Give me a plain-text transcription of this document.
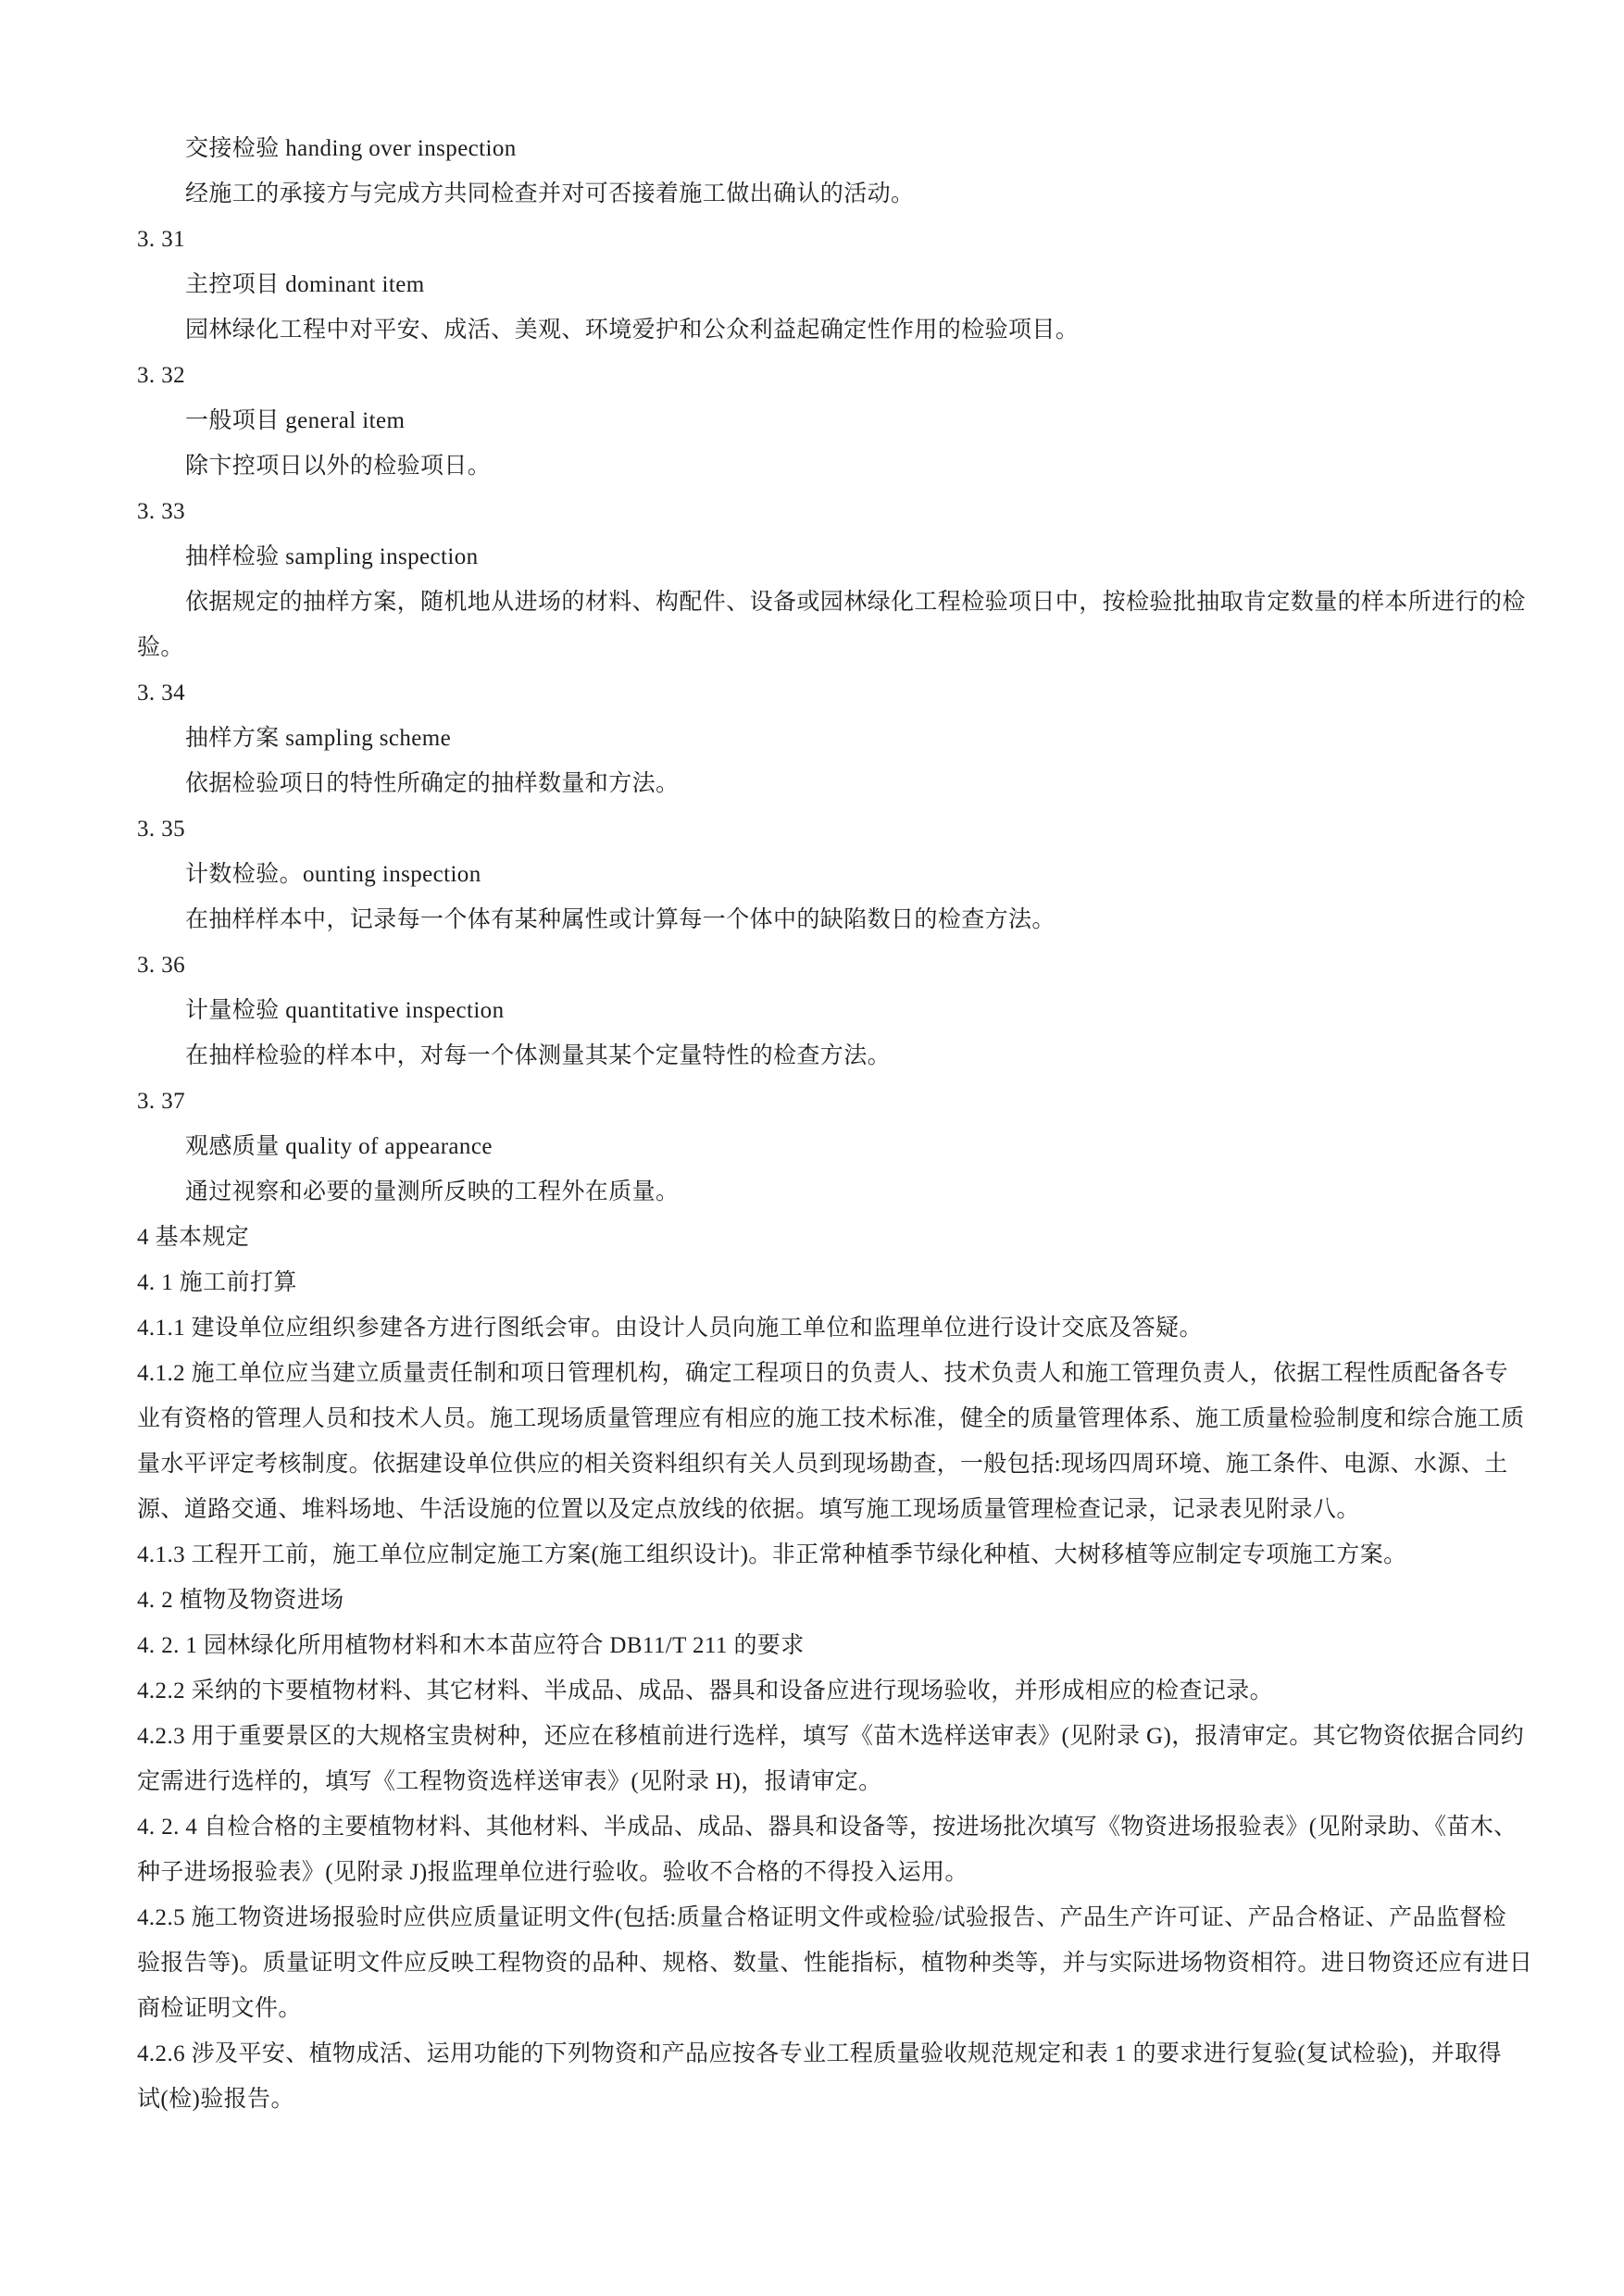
交接检验 handing over inspection
经施工的承接方与完成方共同检查并对可否接着施工做出确认的活动。
3. 31
主控项目 dominant item
园林绿化工程中对平安、成活、美观、环境爱护和公众利益起确定性作用的检验项目。
3. 32
一般项目 general item
除卞控项日以外的检验项日。
3. 33
抽样检验 sampling inspection
依据规定的抽样方案，随机地从进场的材料、构配件、设备或园林绿化工程检验项日中，按检验批抽取肯定数量的样本所进行的检
验。
3. 34
抽样方案 sampling scheme
依据检验项日的特性所确定的抽样数量和方法。
3. 35
计数检验。ounting inspection
在抽样样本中，记录每一个体有某种属性或计算每一个体中的缺陷数日的检查方法。
3. 36
计量检验 quantitative inspection
在抽样检验的样本中，对每一个体测量其某个定量特性的检查方法。
3. 37
观感质量 quality of appearance
通过视察和必要的量测所反映的工程外在质量。
4 基本规定
4. 1 施工前打算
4.1.1 建设单位应组织参建各方进行图纸会审。由设计人员向施工单位和监理单位进行设计交底及答疑。
4.1.2 施工单位应当建立质量责任制和项日管理机构，确定工程项日的负责人、技术负责人和施工管理负责人，依据工程性质配备各专
业有资格的管理人员和技术人员。施工现场质量管理应有相应的施工技术标准，健全的质量管理体系、施工质量检验制度和综合施工质
量水平评定考核制度。依据建设单位供应的相关资料组织有关人员到现场勘查，一般包括:现场四周环境、施工条件、电源、水源、土
源、道路交通、堆料场地、牛活设施的位置以及定点放线的依据。填写施工现场质量管理检查记录，记录表见附录八。
4.1.3 工程开工前，施工单位应制定施工方案(施工组织设计)。非正常种植季节绿化种植、大树移植等应制定专项施工方案。
4. 2 植物及物资进场
4. 2. 1 园林绿化所用植物材料和木本苗应符合 DB11/T 211 的要求
4.2.2 采纳的卞要植物材料、其它材料、半成品、成品、器具和设备应进行现场验收，并形成相应的检查记录。
4.2.3 用于重要景区的大规格宝贵树种，还应在移植前进行选样，填写《苗木选样送审表》(见附录 G)，报清审定。其它物资依据合同约
定需进行选样的，填写《工程物资选样送审表》(见附录 H)，报请审定。
4. 2. 4 自检合格的主要植物材料、其他材料、半成品、成品、器具和设备等，按进场批次填写《物资进场报验表》(见附录助、《苗木、
种子进场报验表》(见附录 J)报监理单位进行验收。验收不合格的不得投入运用。
4.2.5 施工物资进场报验时应供应质量证明文件(包括:质量合格证明文件或检验/试验报告、产品生产许可证、产品合格证、产品监督检
验报告等)。质量证明文件应反映工程物资的品种、规格、数量、性能指标，植物种类等，并与实际进场物资相符。进日物资还应有进日
商检证明文件。
4.2.6 涉及平安、植物成活、运用功能的下列物资和产品应按各专业工程质量验收规范规定和表 1 的要求进行复验(复试检验)，并取得
试(检)验报告。
